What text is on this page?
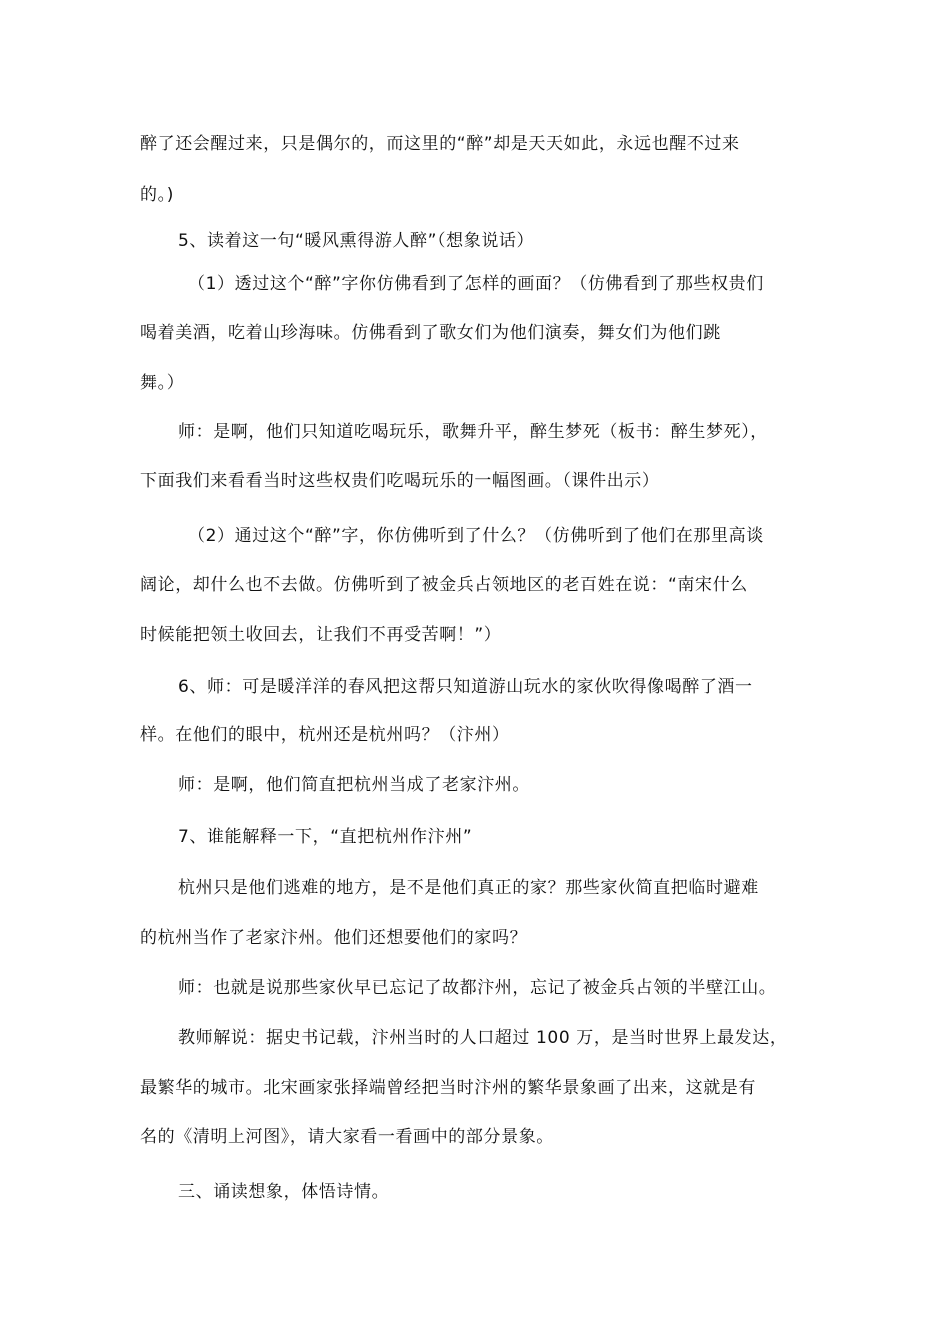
醉了还会醒过来，只是偶尔的，而这里的“醉”却是天天如此，永远也醒不过来
的。)
5、读着这一句“暖风熏得游人醉”（想象说话）
（1）透过这个“醉”字你仿佛看到了怎样的画面？（仿佛看到了那些权贵们
喝着美酒，吃着山珍海味。仿佛看到了歌女们为他们演奏，舞女们为他们跳
舞。）
师：是啊，他们只知道吃喝玩乐，歌舞升平，醉生梦死（板书：醉生梦死），
下面我们来看看当时这些权贵们吃喝玩乐的一幅图画。（课件出示）
（2）通过这个“醉”字，你仿佛听到了什么？（仿佛听到了他们在那里高谈
阔论，却什么也不去做。仿佛听到了被金兵占领地区的老百姓在说：“南宋什么
时候能把领土收回去，让我们不再受苦啊！”）
6、师：可是暖洋洋的春风把这帮只知道游山玩水的家伙吹得像喝醉了酒一
样。在他们的眼中，杭州还是杭州吗？（汴州）
师：是啊，他们简直把杭州当成了老家汴州。
7、谁能解释一下，“直把杭州作汴州”
杭州只是他们逃难的地方，是不是他们真正的家？那些家伙简直把临时避难
的杭州当作了老家汴州。他们还想要他们的家吗？
师：也就是说那些家伙早已忘记了故都汴州，忘记了被金兵占领的半壁江山。
教师解说：据史书记载，汴州当时的人口超过 100 万，是当时世界上最发达，
最繁华的城市。北宋画家张择端曾经把当时汴州的繁华景象画了出来，这就是有
名的《清明上河图》，请大家看一看画中的部分景象。
三、诵读想象，体悟诗情。
